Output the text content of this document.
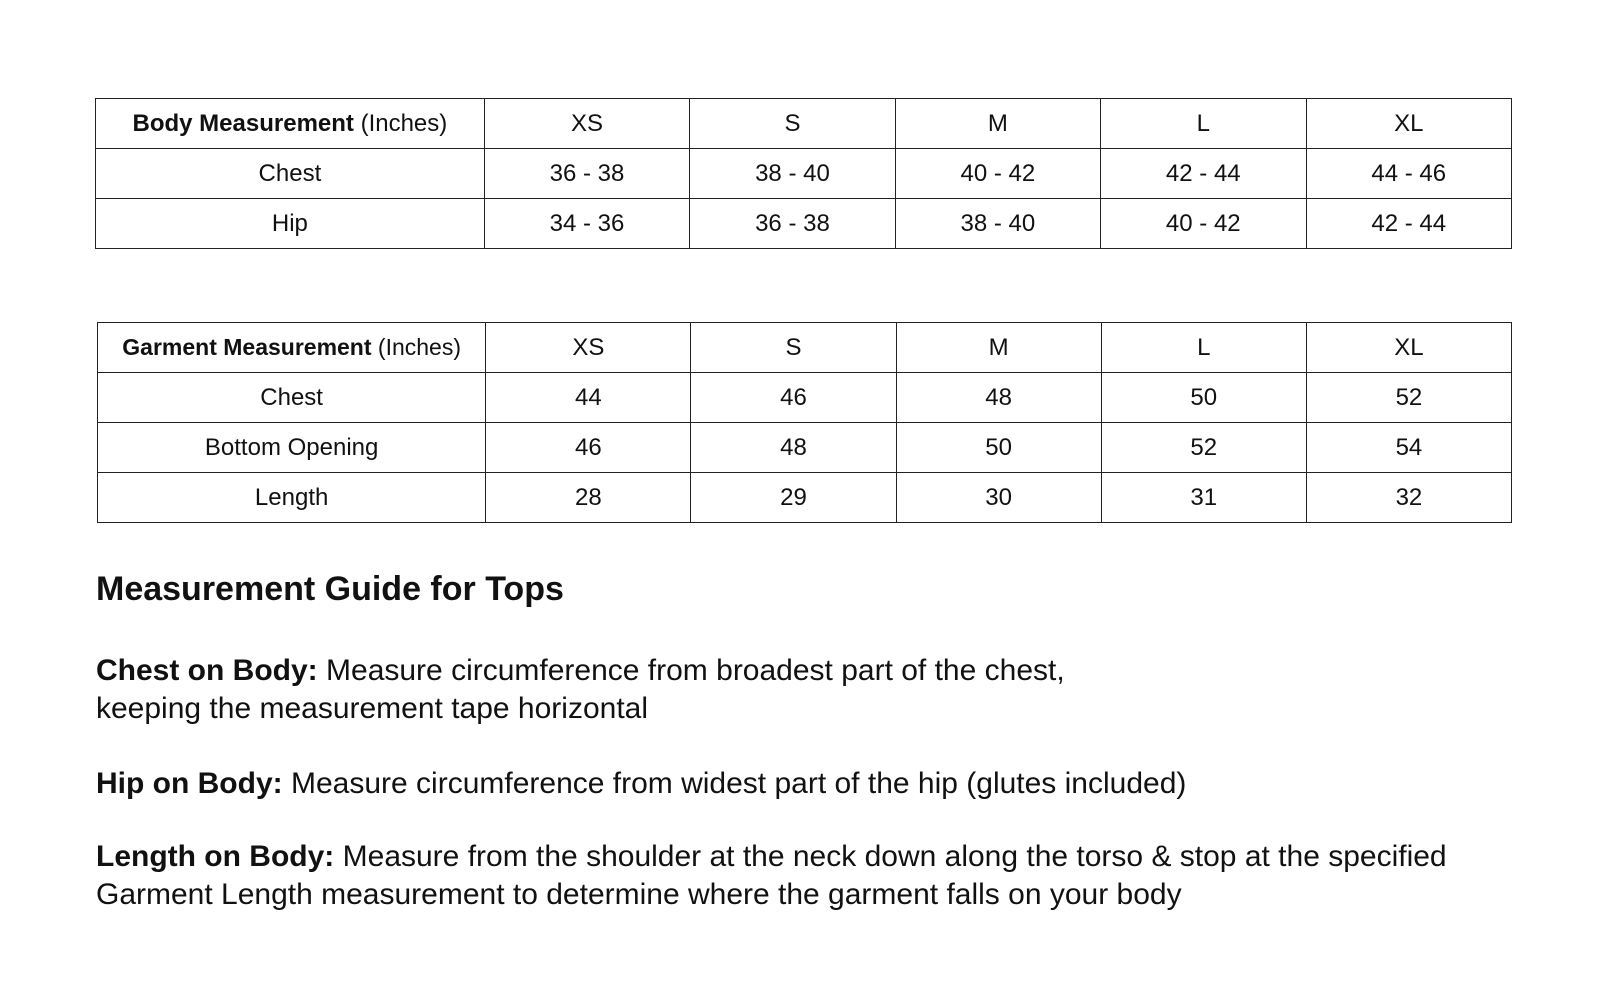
Body Measurement (Inches)	XS	S	M	L	XL
Chest	36 - 38	38 - 40	40 - 42	42 - 44	44 - 46
Hip	34 - 36	36 - 38	38 - 40	40 - 42	42 - 44
Garment Measurement (Inches)	XS	S	M	L	XL
Chest	44	46	48	50	52
Bottom Opening	46	48	50	52	54
Length	28	29	30	31	32
Measurement Guide for Tops

Chest on Body: Measure circumference from broadest part of the chest,
keeping the measurement tape horizontal

Hip on Body: Measure circumference from widest part of the hip (glutes included)

Length on Body: Measure from the shoulder at the neck down along the torso & stop at the specified
Garment Length measurement to determine where the garment falls on your body
